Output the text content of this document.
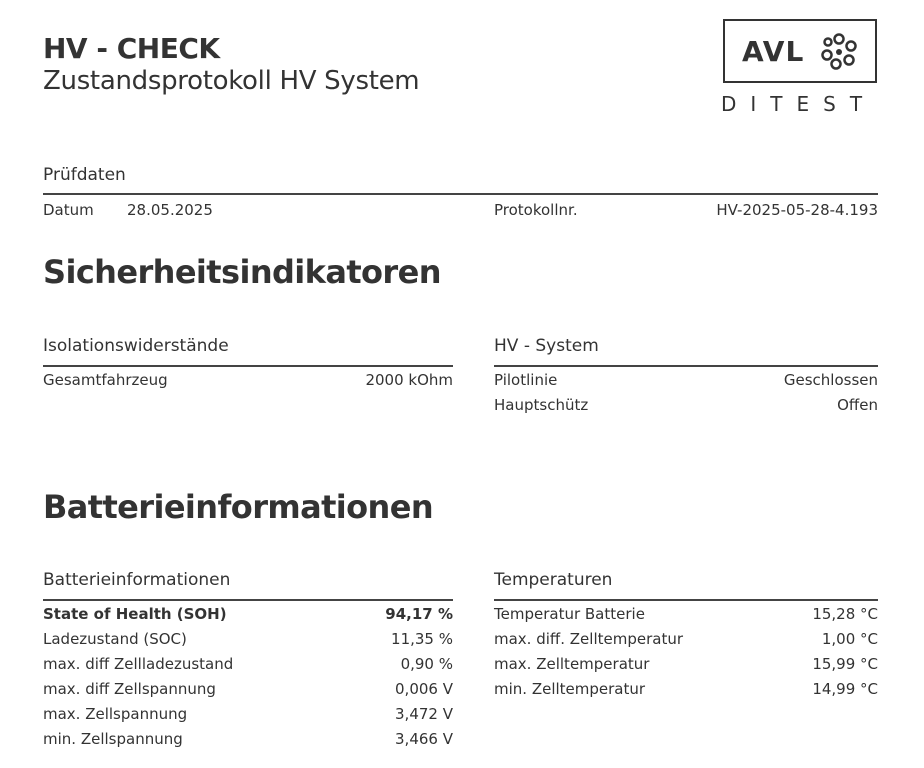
HV - CHECK
Zustandsprotokoll HV System
AVL
DITEST
Prüfdaten
Datum 28.05.2025	Protokollnr.	HV-2025-05-28-4.193
Sicherheitsindikatoren
Isolationswiderstände
Gesamtfahrzeug	2000 kOhm
HV - System
Pilotlinie	Geschlossen
Hauptschütz	Offen
Batterieinformationen
Batterieinformationen
State of Health (SOH)	94,17 %
Ladezustand (SOC)	11,35 %
max. diff Zellladezustand	0,90 %
max. diff Zellspannung	0,006 V
max. Zellspannung	3,472 V
min. Zellspannung	3,466 V
Temperaturen
Temperatur Batterie	15,28 °C
max. diff. Zelltemperatur	1,00 °C
max. Zelltemperatur	15,99 °C
min. Zelltemperatur	14,99 °C
